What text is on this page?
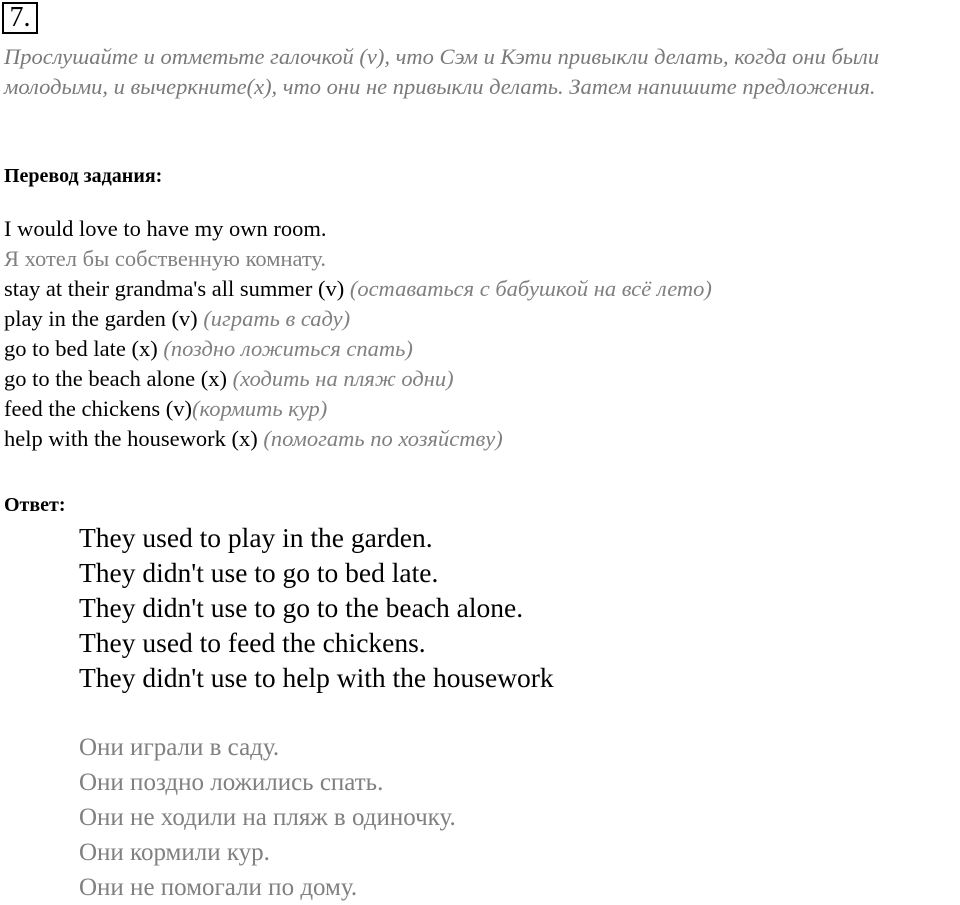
7.

Прослушайте и отметьте галочкой (v), что Сэм и Кэти привыкли делать, когда они были молодыми, и вычеркните(x), что они не привыкли делать. Затем напишите предложения.

Перевод задания:

I would love to have my own room.
Я хотел бы собственную комнату.
stay at their grandma's all summer (v) (оставаться с бабушкой на всё лето)
play in the garden (v) (играть в саду)
go to bed late (x) (поздно ложиться спать)
go to the beach alone (x) (ходить на пляж одни)
feed the chickens (v)(кормить кур)
help with the housework (x) (помогать по хозяйству)

Ответ:

They used to play in the garden.
They didn't use to go to bed late.
They didn't use to go to the beach alone.
They used to feed the chickens.
They didn't use to help with the housework
Они играли в саду.
Они поздно ложились спать.
Они не ходили на пляж в одиночку.
Они кормили кур.
Они не помогали по дому.
